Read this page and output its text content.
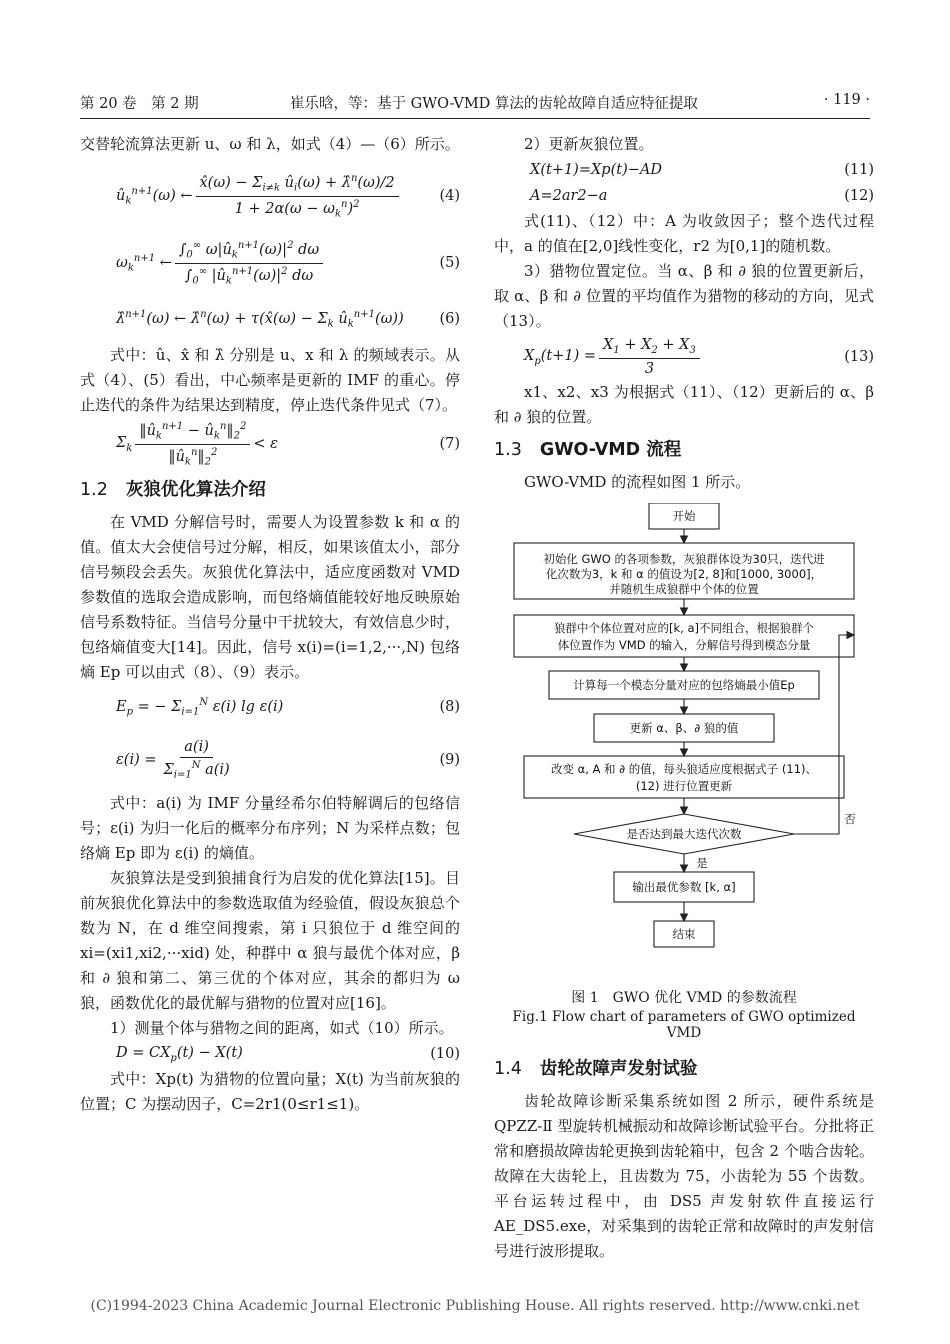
第 20 卷　第 2 期	崔乐晗，等：基于 GWO-VMD 算法的齿轮故障自适应特征提取	· 119 ·

交替轮流算法更新 u、ω 和 λ，如式（4）—（6）所示。

$û_k^{n+1}(\omega)$ ← $\frac{x̂(\omega) - \Sigma_{i\ne k} û_i(\omega) + \lambdâ^n(\omega)/2}{1 + 2\alpha(\omega - \omega_k^n)^2}$	(4)
$\omega_k^{n+1}$ ← $\frac{\int_0^\infty \omega|û_k^{n+1}(\omega)|^2 d\omega}{\int_0^\infty |û_k^{n+1}(\omega)|^2 d\omega}$	(5)
λ̂$^{n+1}$(ω) ← λ̂$^n$(ω) + τ(x̂(ω) − $\Sigma_k$ $û_k^{n+1}(\omega)$) (6)

式中：û、x̂ 和 λ̂ 分别是 u、x 和 λ 的频域表示。从式（4）、(5）看出，中心频率是更新的 IMF 的重心。停止迭代的条件为结果达到精度，停止迭代条件见式（7）。

$\Sigma_k \frac{‖û_k^{n+1} - û_k^n‖_2^2}{‖û_k^n‖_2^2} < \varepsilon$	(7)
1.2 灰狼优化算法介绍

在 VMD 分解信号时，需要人为设置参数 k 和 α 的值。值太大会使信号过分解，相反，如果该值太小，部分信号频段会丢失。灰狼优化算法中，适应度函数对 VMD 参数值的选取会造成影响，而包络熵值能较好地反映原始信号系数特征。当信号分量中干扰较大，有效信息少时，包络熵值变大[14]。因此，信号 x(i)=(i=1,2,···,N) 包络熵 Ep 可以由式（8）、（9）表示。

$E_p$ = − $\Sigma_{i=1}^N$ ε(i) lg ε(i)	(8)
$\varepsilon(i) = \frac{a(i)}{\Sigma_{i=1}^N a(i)}$	(9)

式中：a(i) 为 IMF 分量经希尔伯特解调后的包络信号；ε(i) 为归一化后的概率分布序列；N 为采样点数；包络熵 Ep 即为 ε(i) 的熵值。

灰狼算法是受到狼捕食行为启发的优化算法[15]。目前灰狼优化算法中的参数选取值为经验值，假设灰狼总个数为 N，在 d 维空间搜索，第 i 只狼位于 d 维空间的 xi=(xi1,xi2,···xid) 处，种群中 α 狼与最优个体对应，β 和 ∂ 狼和第二、第三优的个体对应，其余的都归为 ω 狼，函数优化的最优解与猎物的位置对应[16]。

1）测量个体与猎物之间的距离，如式（10）所示。

$D = CX_p(t) - X(t)$	(10)

式中：Xp(t) 为猎物的位置向量；X(t) 为当前灰狼的位置；C 为摆动因子，C=2r1(0≤r1≤1)。

2）更新灰狼位置。

X(t+1)=Xp(t)−AD	(11)
A=2ar2−a	(12)

式(11)、（12）中：A 为收敛因子；整个迭代过程中，a 的值在[2,0]线性变化，r2 为[0,1]的随机数。

3）猎物位置定位。当 α、β 和 ∂ 狼的位置更新后，取 α、β 和 ∂ 位置的平均值作为猎物的移动的方向，见式（13）。

$X_p(t+1) = \frac{X_1 + X_2 + X_3}{3}$	(13)

x1、x2、x3 为根据式（11）、（12）更新后的 α、β 和 ∂ 狼的位置。

1.3 GWO-VMD 流程

GWO-VMD 的流程如图 1 所示。

开始
初始化 GWO 的各项参数，灰狼群体设为30只，迭代进
化次数为3，k 和 α 的值设为[2, 8]和[1000, 3000]，
并随机生成狼群中个体的位置
狼群中个体位置对应的[k, a]不同组合，根据狼群个
体位置作为 VMD 的输入，分解信号得到模态分量
计算每一个模态分量对应的包络熵最小值Ep
更新 α、β、∂ 狼的值
改变 α, A 和 ∂ 的值，每头狼适应度根据式子 (11)、
(12) 进行位置更新
是否达到最大迭代次数
否
是
输出最优参数 [k, α]
结束
图 1　GWO 优化 VMD 的参数流程
Fig.1 Flow chart of parameters of GWO optimized VMD
1.4 齿轮故障声发射试验

齿轮故障诊断采集系统如图 2 所示，硬件系统是 QPZZ-Ⅱ 型旋转机械振动和故障诊断试验平台。分批将正常和磨损故障齿轮更换到齿轮箱中，包含 2 个啮合齿轮。故障在大齿轮上，且齿数为 75，小齿轮为 55 个齿数。平台运转过程中，由 DS5 声发射软件直接运行 AE_DS5.exe，对采集到的齿轮正常和故障时的声发射信号进行波形提取。

(C)1994-2023 China Academic Journal Electronic Publishing House. All rights reserved. http://www.cnki.net
